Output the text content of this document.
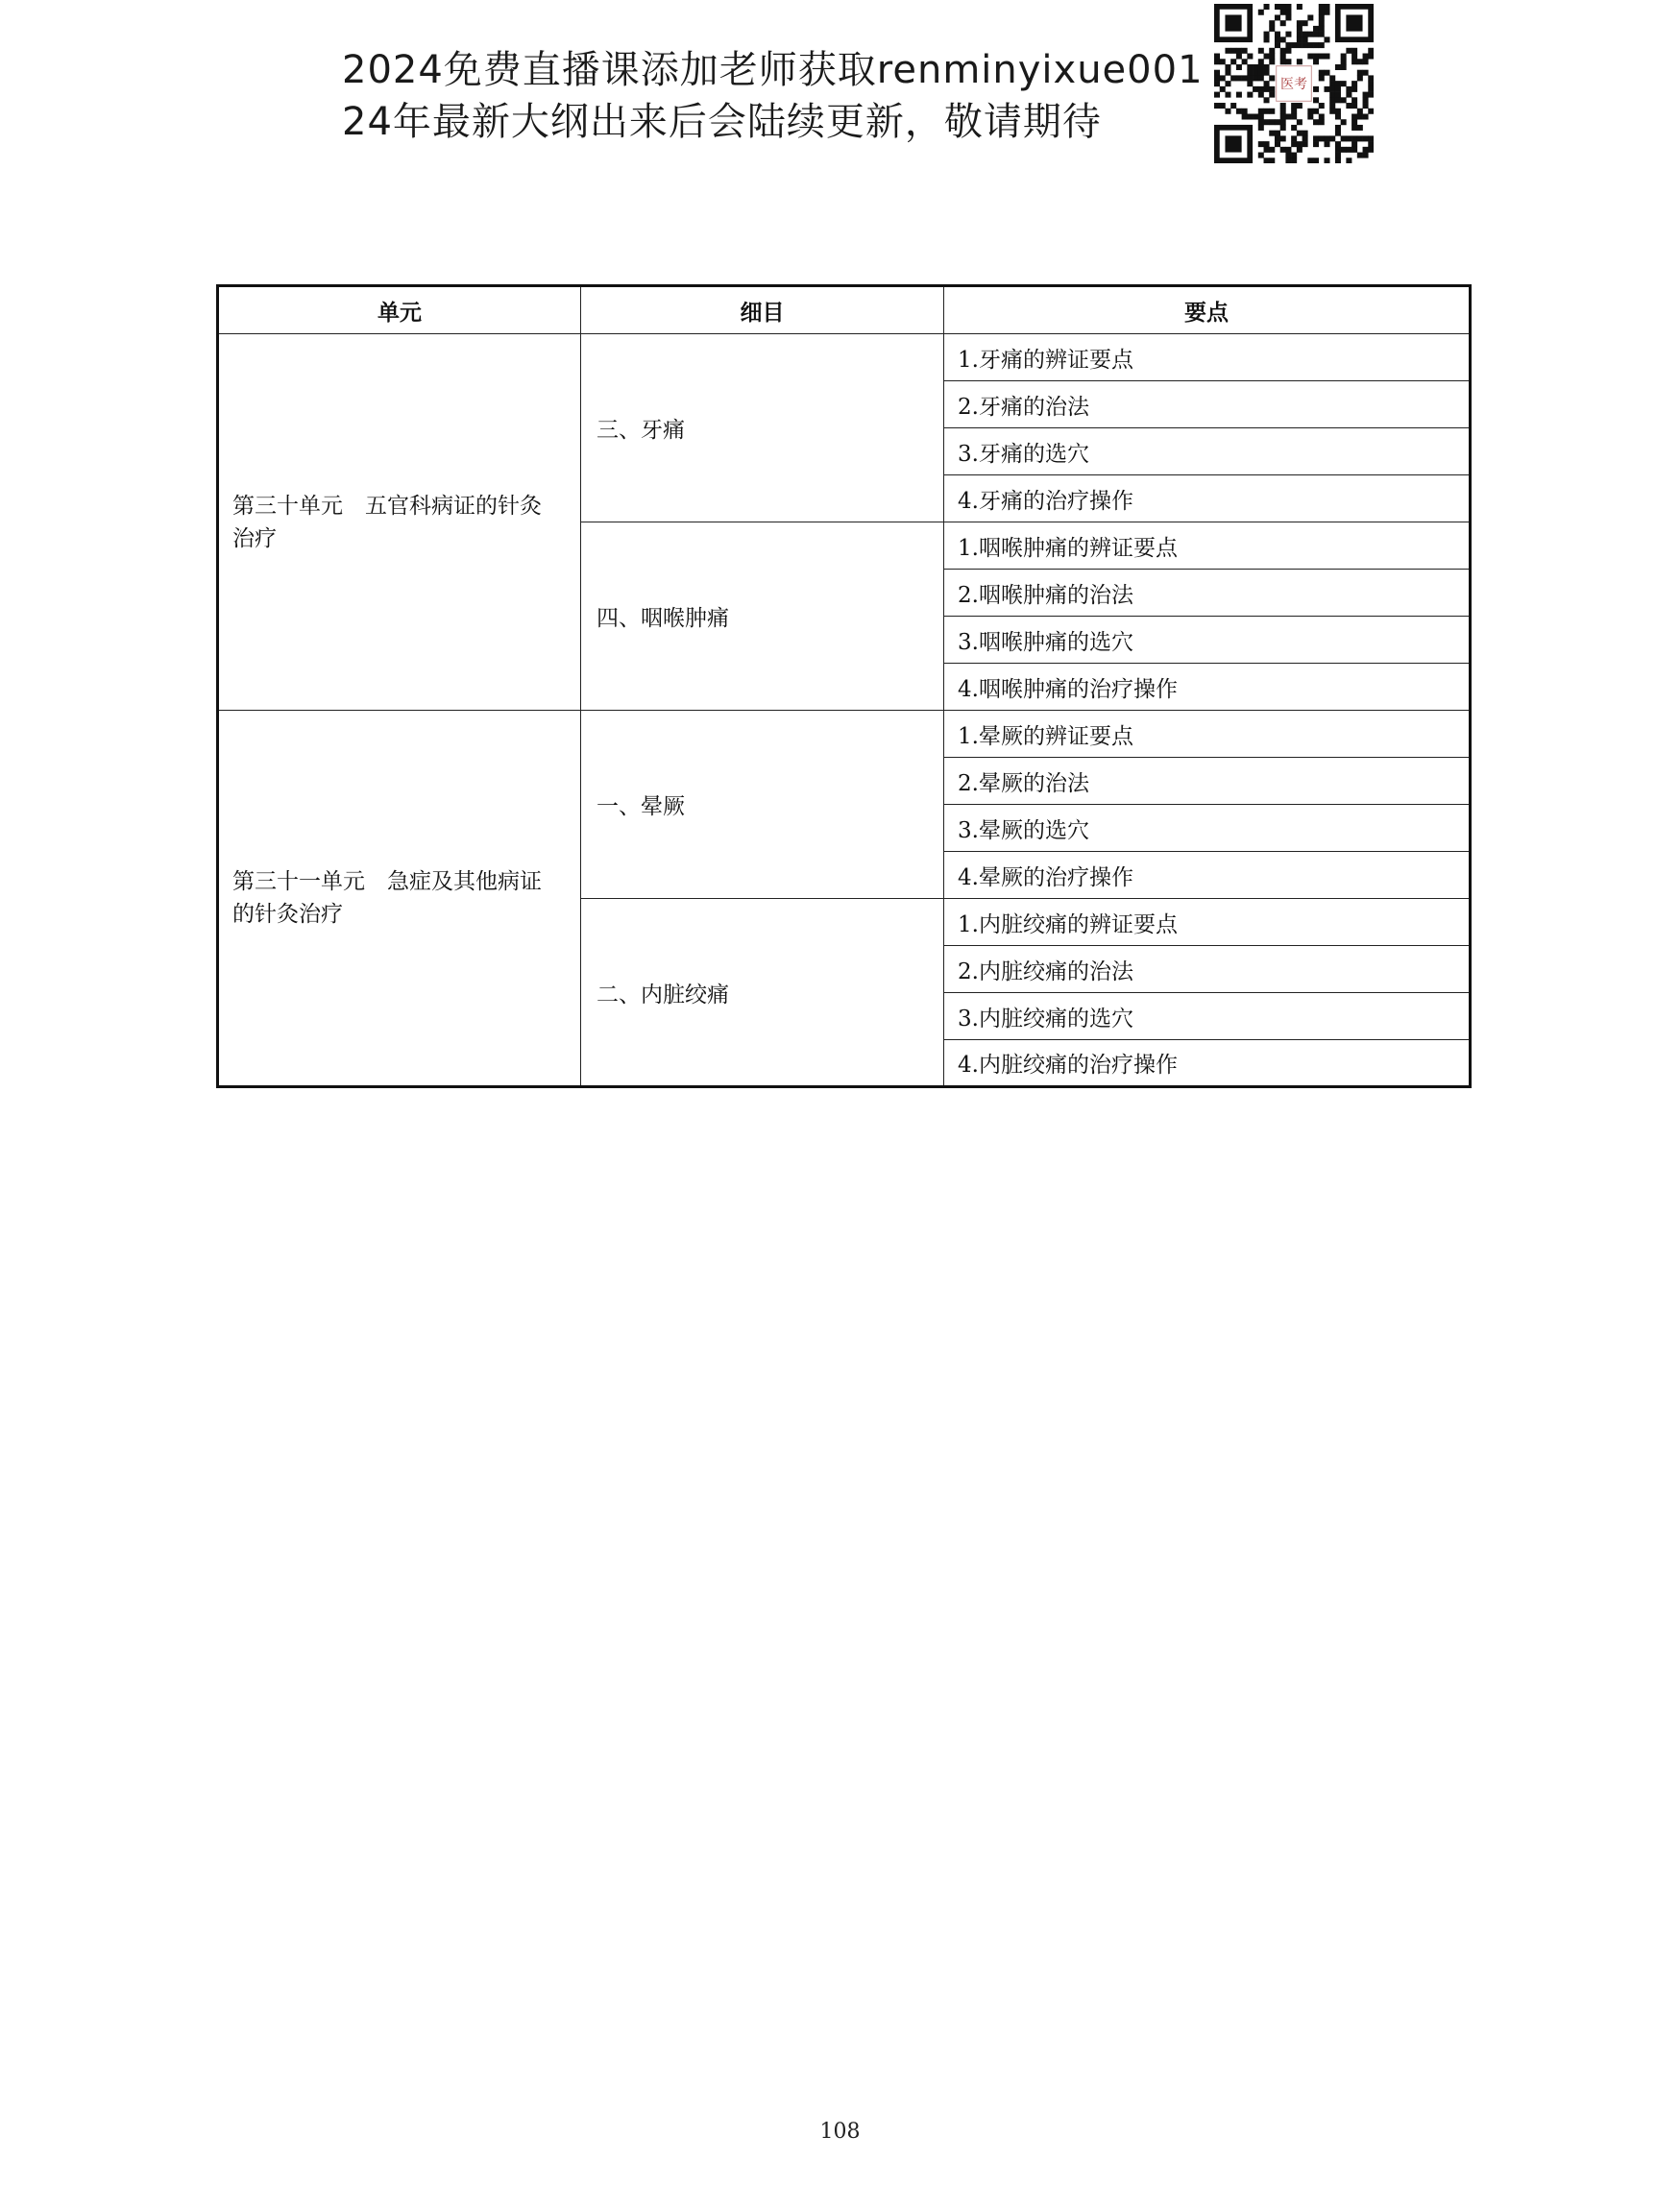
2024免费直播课添加老师获取renminyixue001
24年最新大纲出来后会陆续更新，敬请期待
医考
单元	细目	要点
第三十单元　五官科病证的针灸治疗	三、牙痛	1.牙痛的辨证要点
		2.牙痛的治法
		3.牙痛的选穴
		4.牙痛的治疗操作
	四、咽喉肿痛	1.咽喉肿痛的辨证要点
		2.咽喉肿痛的治法
		3.咽喉肿痛的选穴
		4.咽喉肿痛的治疗操作
第三十一单元　急症及其他病证的针灸治疗	一、晕厥	1.晕厥的辨证要点
		2.晕厥的治法
		3.晕厥的选穴
		4.晕厥的治疗操作
	二、内脏绞痛	1.内脏绞痛的辨证要点
		2.内脏绞痛的治法
		3.内脏绞痛的选穴
		4.内脏绞痛的治疗操作
108
